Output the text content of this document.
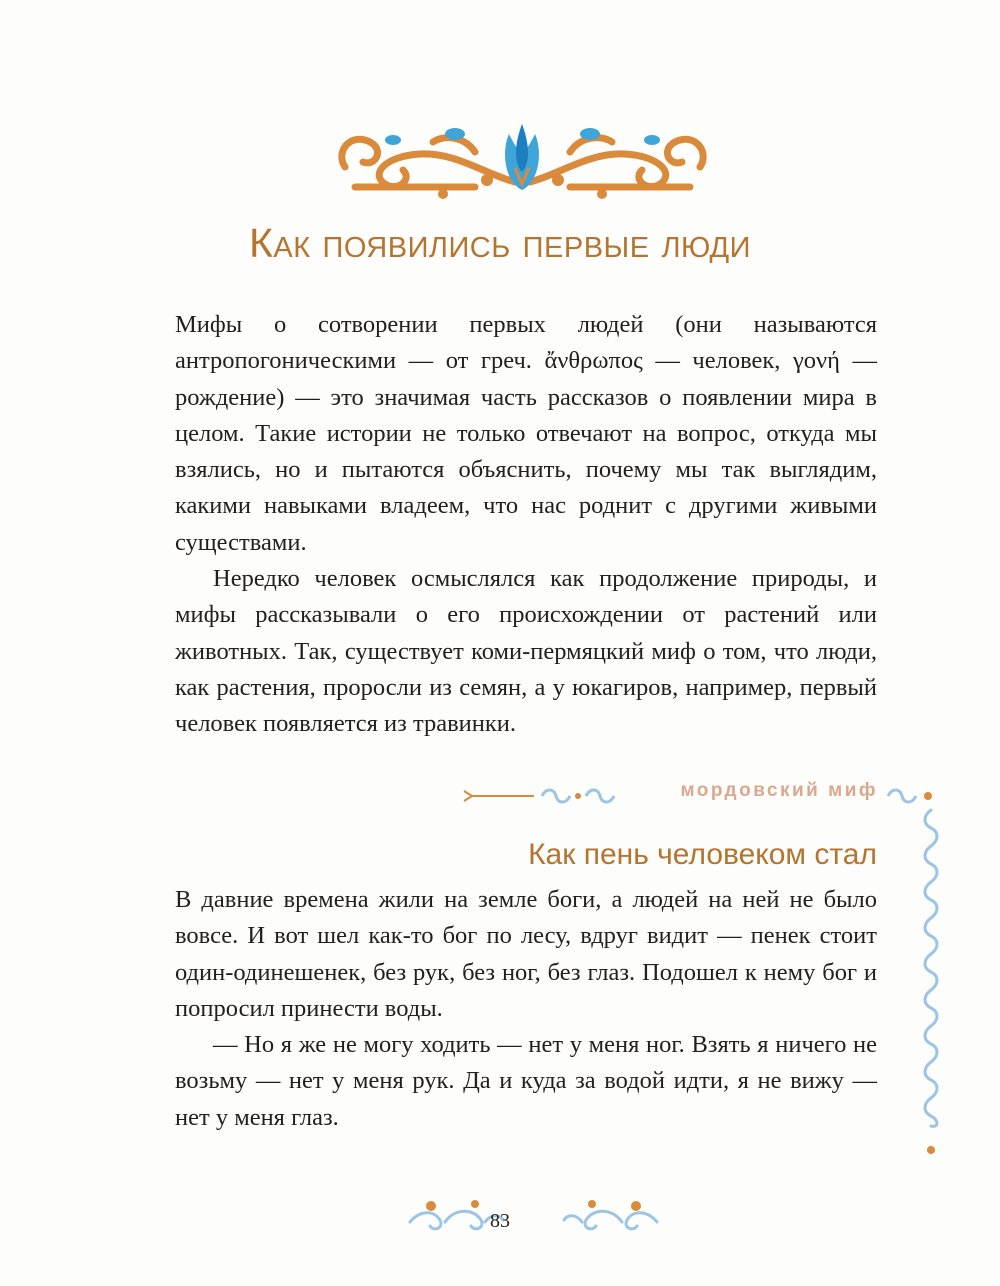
Как появились первые люди

Мифы о сотворении первых людей (они называются антропогоническими — от греч. ἄνθρωπος — человек, γονή — рождение) — это значимая часть рассказов о появлении мира в целом. Такие истории не только отвечают на вопрос, откуда мы взялись, но и пытаются объяснить, почему мы так выглядим, какими навыками владеем, что нас роднит с другими живыми существами.

Нередко человек осмыслялся как продолжение природы, и мифы рассказывали о его происхождении от растений или животных. Так, существует коми-пермяцкий миф о том, что люди, как растения, проросли из семян, а у юкагиров, например, первый человек появляется из травинки.

мордовский миф
Как пень человеком стал

В давние времена жили на земле боги, а людей на ней не было вовсе. И вот шел как-то бог по лесу, вдруг видит — пенек стоит один-одинешенек, без рук, без ног, без глаз. Подошел к нему бог и попросил принести воды.

— Но я же не могу ходить — нет у меня ног. Взять я ничего не возьму — нет у меня рук. Да и куда за водой идти, я не вижу — нет у меня глаз.

83
